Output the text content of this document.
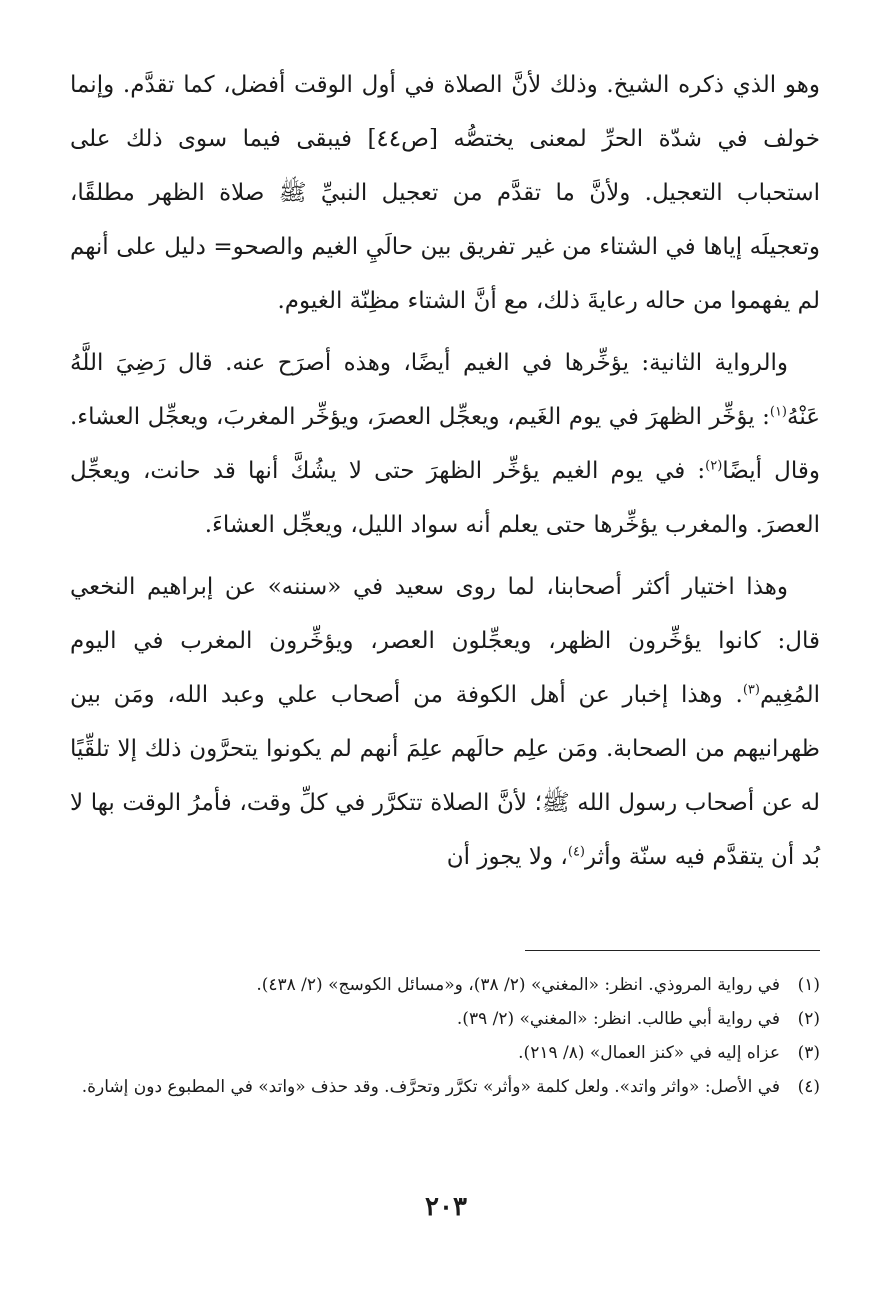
وهو الذي ذكره الشيخ. وذلك لأنَّ الصلاة في أول الوقت أفضل، كما تقدَّم. وإنما خولف في شدّة الحرِّ لمعنى يختصُّه [ص٤٤] فيبقى فيما سوى ذلك على استحباب التعجيل. ولأنَّ ما تقدَّم من تعجيل النبيِّ ﷺ صلاة الظهر مطلقًا، وتعجيلَه إياها في الشتاء من غير تفريق بين حالَيِ الغيم والصحو= دليل على أنهم لم يفهموا من حاله رعايةَ ذلك، مع أنَّ الشتاء مظِنّة الغيوم.

والرواية الثانية: يؤخِّرها في الغيم أيضًا، وهذه أصرَح عنه. قال رَضِيَ اللَّهُ عَنْهُ$^{(١)}$: يؤخِّر الظهرَ في يوم الغَيم، ويعجِّل العصرَ، ويؤخِّر المغربَ، ويعجِّل العشاء. وقال أيضًا$^{(٢)}$: في يوم الغيم يؤخِّر الظهرَ حتى لا يشُكَّ أنها قد حانت، ويعجِّل العصرَ. والمغرب يؤخِّرها حتى يعلم أنه سواد الليل، ويعجِّل العشاءَ.

وهذا اختيار أكثر أصحابنا، لما روى سعيد في «سننه» عن إبراهيم النخعي قال: كانوا يؤخِّرون الظهر، ويعجِّلون العصر، ويؤخِّرون المغرب في اليوم المُغِيم$^{(٣)}$. وهذا إخبار عن أهل الكوفة من أصحاب علي وعبد الله، ومَن بين ظهرانيهم من الصحابة. ومَن علِم حالَهم علِمَ أنهم لم يكونوا يتحرَّون ذلك إلا تلقِّيًا له عن أصحاب رسول الله ﷺ؛ لأنَّ الصلاة تتكرَّر في كلِّ وقت، فأمرُ الوقت بها لا بُد أن يتقدَّم فيه سنّة وأثر$^{(٤)}$، ولا يجوز أن

(١)
في رواية المروذي. انظر: «المغني» (٢/ ٣٨)، و«مسائل الكوسج» (٢/ ٤٣٨).
(٢)
في رواية أبي طالب. انظر: «المغني» (٢/ ٣٩).
(٣)
عزاه إليه في «كنز العمال» (٨/ ٢١٩).
(٤)
في الأصل: «واثر واتد». ولعل كلمة «وأثر» تكرَّر وتحرَّف. وقد حذف «واتد» في المطبوع دون إشارة.
٢٠٣
